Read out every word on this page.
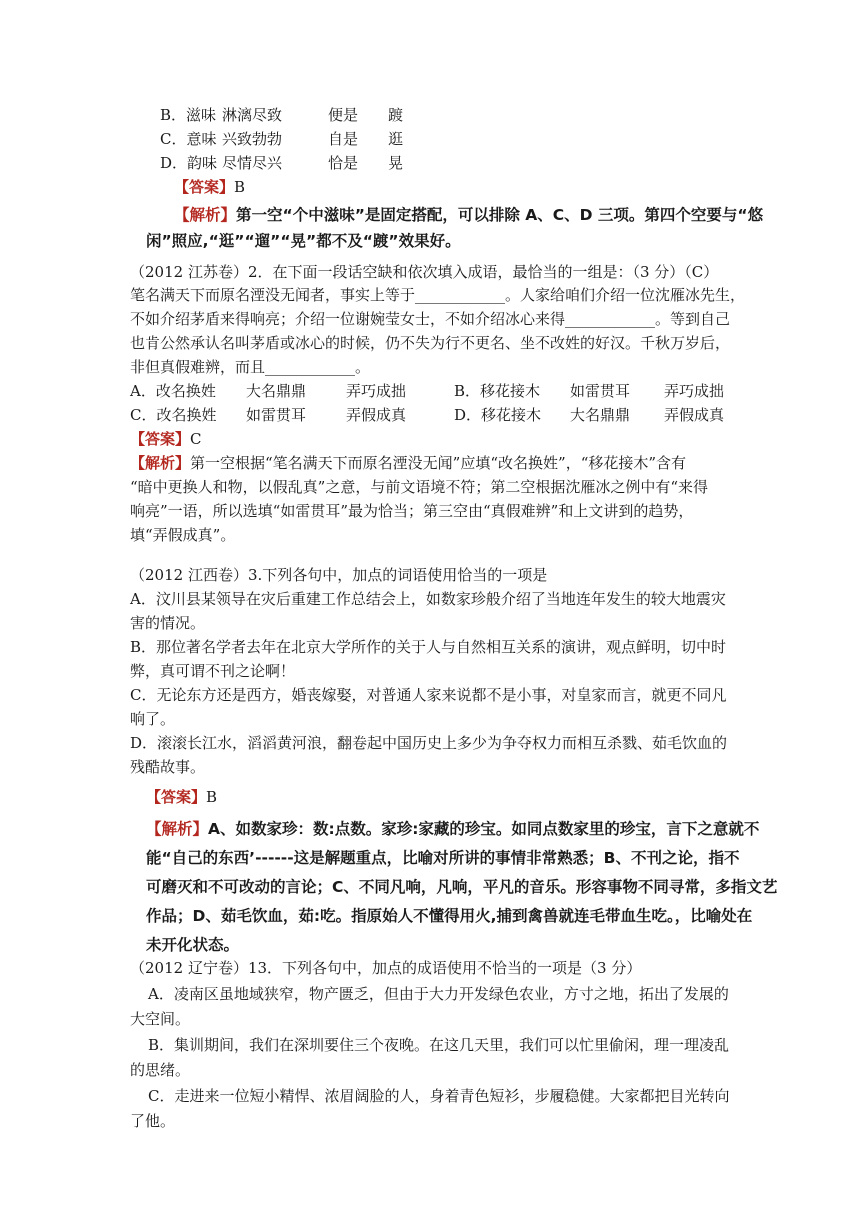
B．滋味 淋漓尽致	便是 踱
C．意味 兴致勃勃	自是 逛
D．韵味 尽情尽兴	恰是 晃
【答案】B
【解析】第一空“个中滋味”是固定搭配，可以排除 A、C、D 三项。第四个空要与“悠
闲”照应,“逛”“遛”“晃”都不及“踱”效果好。
（2012 江苏卷）2．在下面一段话空缺和依次填入成语，最恰当的一组是：（3 分）（C）
笔名满天下而原名湮没无闻者，事实上等于____________。人家给咱们介绍一位沈雁冰先生，
不如介绍茅盾来得响亮；介绍一位谢婉莹女士，不如介绍冰心来得____________。等到自己
也肯公然承认名叫茅盾或冰心的时候，仍不失为行不更名、坐不改姓的好汉。千秋万岁后，
非但真假难辨，而且____________。
A．改名换姓 大名鼎鼎	弄巧成拙	B．移花接木 如雷贯耳 弄巧成拙
C．改名换姓 如雷贯耳	弄假成真	D．移花接木 大名鼎鼎 弄假成真
【答案】C
【解析】第一空根据“笔名满天下而原名湮没无闻”应填“改名换姓”，“移花接木”含有
“暗中更换人和物，以假乱真”之意，与前文语境不符；第二空根据沈雁冰之例中有“来得
响亮”一语，所以选填“如雷贯耳”最为恰当；第三空由“真假难辨”和上文讲到的趋势，
填“弄假成真”。
（2012 江西卷）3.下列各句中，加点的词语使用恰当的一项是
A．汶川县某领导在灾后重建工作总结会上，如数家珍般介绍了当地连年发生的较大地震灾
害的情况。
B．那位著名学者去年在北京大学所作的关于人与自然相互关系的演讲，观点鲜明，切中时
弊，真可谓不刊之论啊！
C．无论东方还是西方，婚丧嫁娶，对普通人家来说都不是小事，对皇家而言，就更不同凡
响了。
D．滚滚长江水，滔滔黄河浪，翻卷起中国历史上多少为争夺权力而相互杀戮、茹毛饮血的
残酷故事。
【答案】B
【解析】A、如数家珍：数:点数。家珍:家藏的珍宝。如同点数家里的珍宝，言下之意就不
能“自己的东西’------这是解题重点，比喻对所讲的事情非常熟悉；B、不刊之论，指不
可磨灭和不可改动的言论；C、不同凡响，凡响，平凡的音乐。形容事物不同寻常，多指文艺
作品；D、茹毛饮血，茹:吃。指原始人不懂得用火,捕到禽兽就连毛带血生吃。，比喻处在
未开化状态。
（2012 辽宁卷）13．下列各句中，加点的成语使用不恰当的一项是（3 分）
A．凌南区虽地域狭窄，物产匮乏，但由于大力开发绿色农业，方寸之地，拓出了发展的
大空间。
B．集训期间，我们在深圳要住三个夜晚。在这几天里，我们可以忙里偷闲，理一理凌乱
的思绪。
C．走进来一位短小精悍、浓眉阔脸的人，身着青色短衫，步履稳健。大家都把目光转向
了他。
